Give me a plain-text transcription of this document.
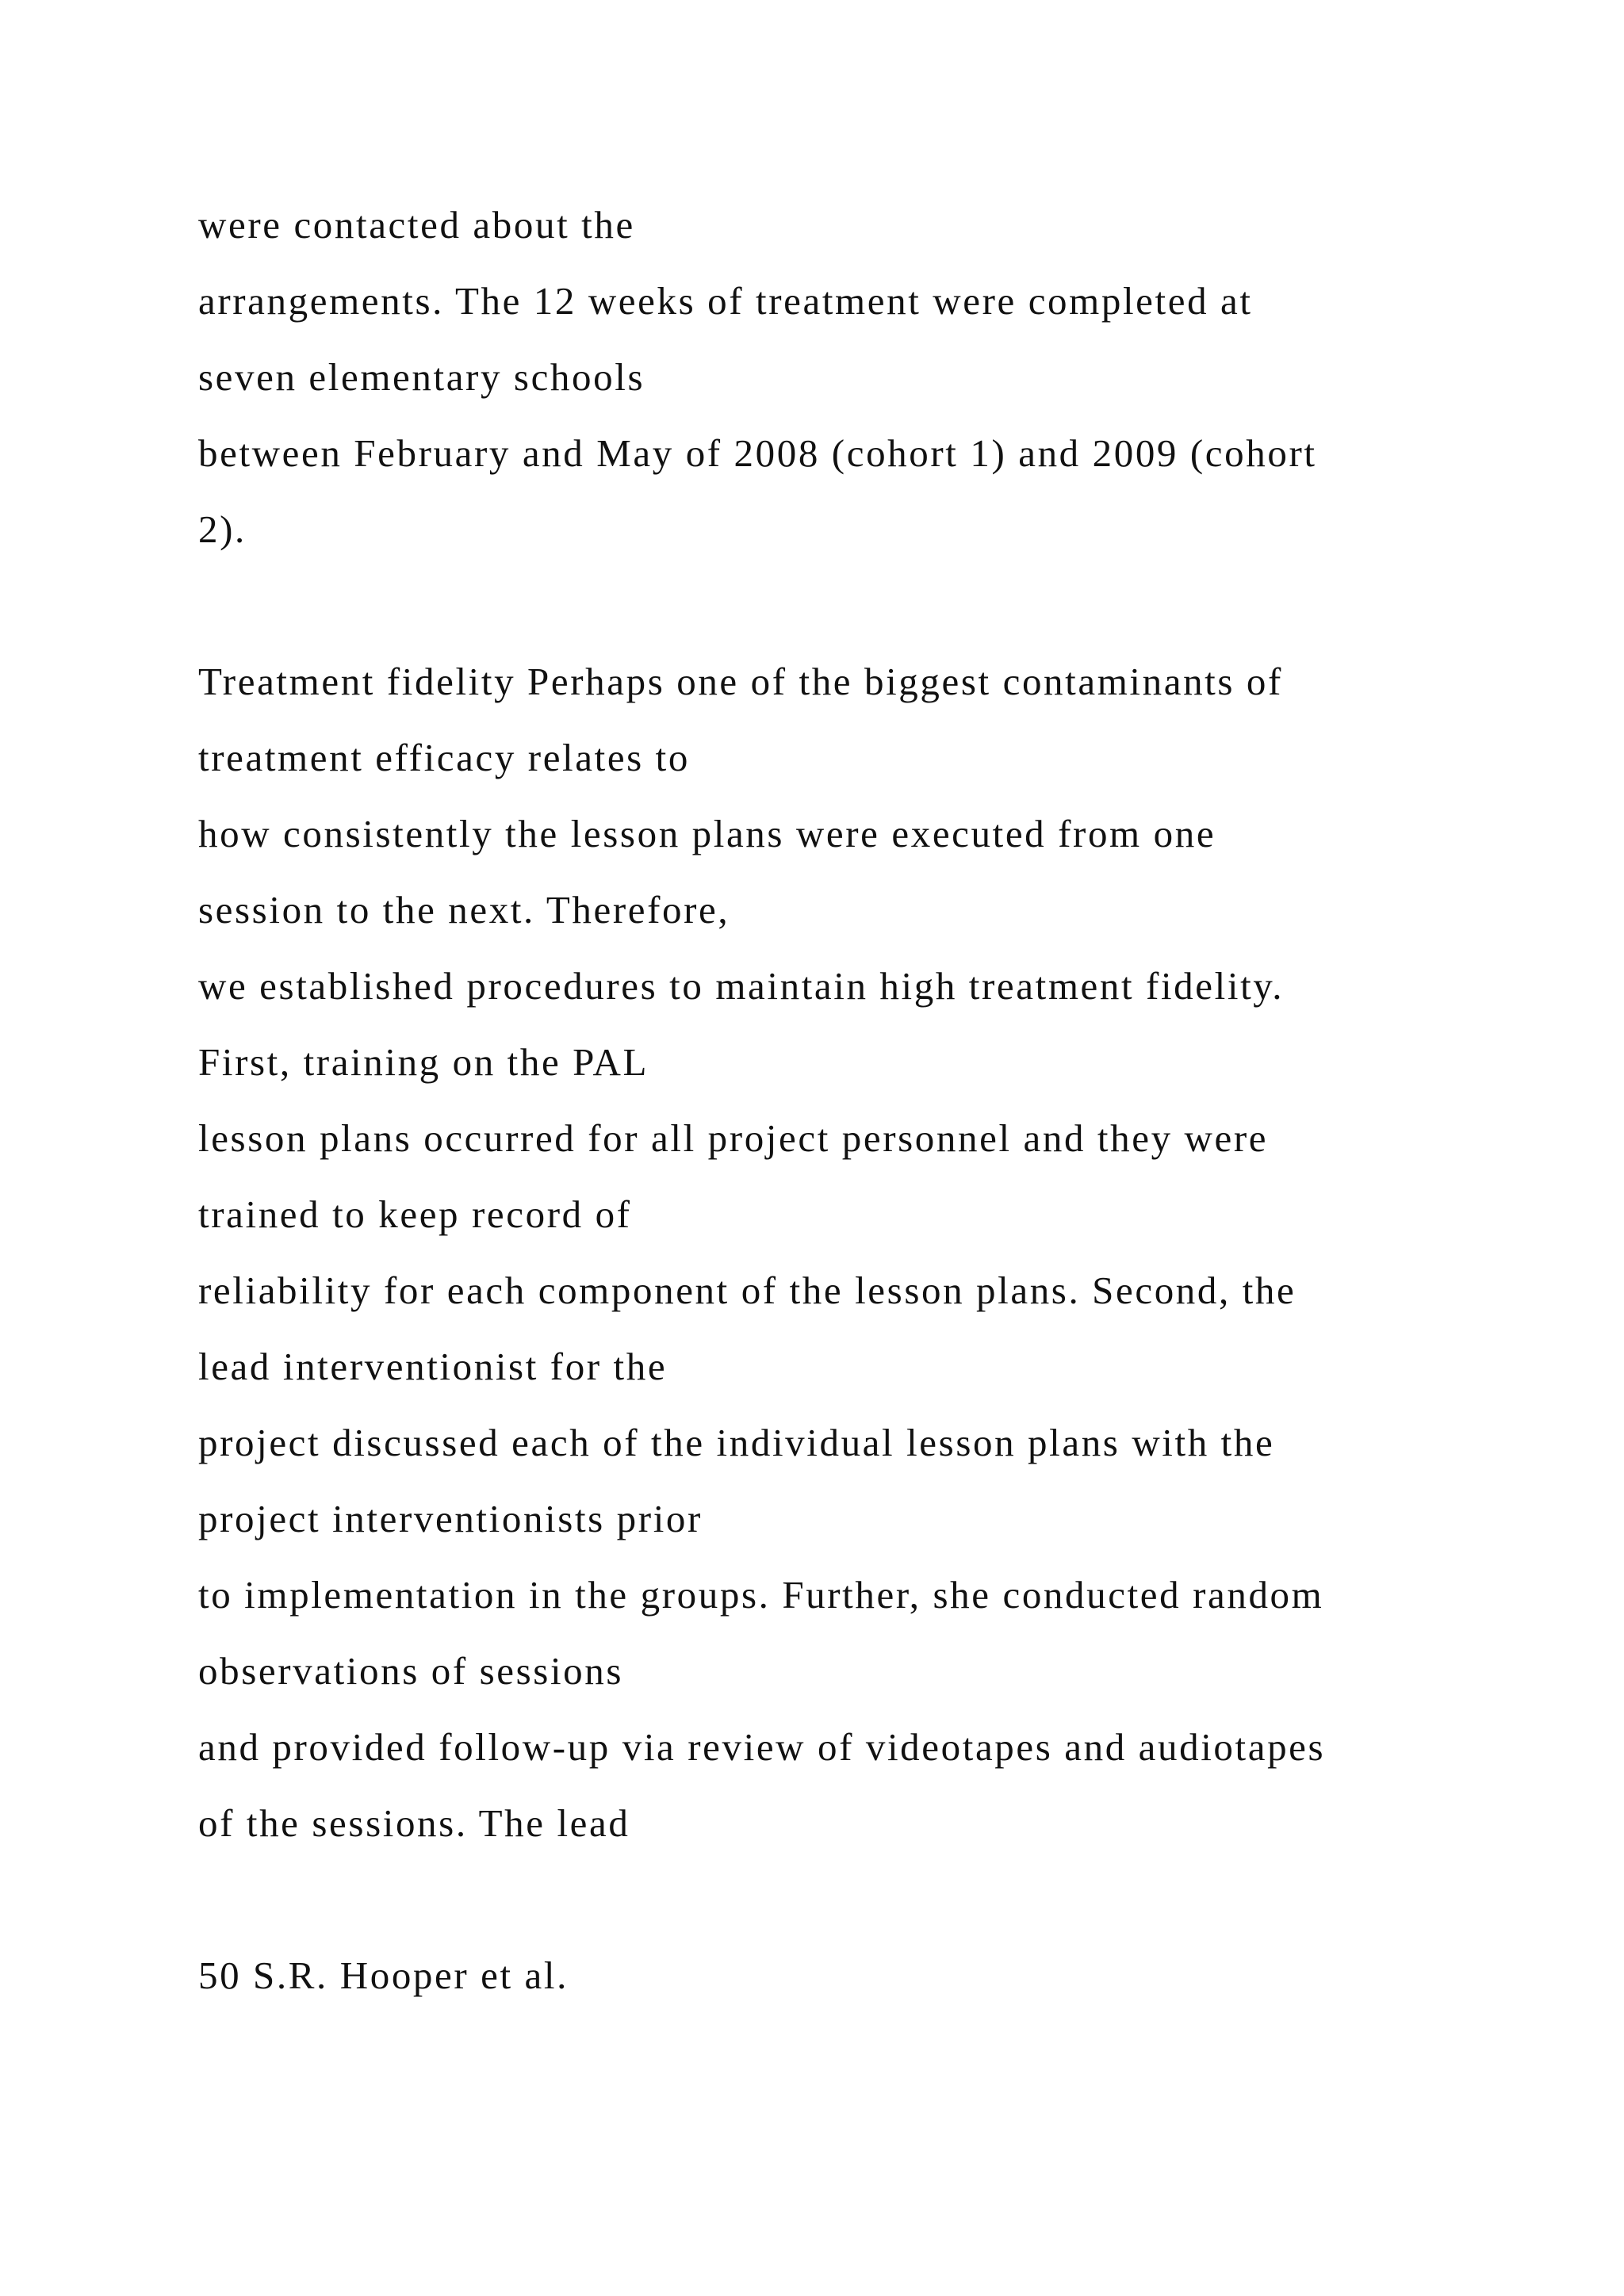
were contacted about the
arrangements. The 12 weeks of treatment were completed at
seven elementary schools
between February and May of 2008 (cohort 1) and 2009 (cohort
2).
Treatment fidelity Perhaps one of the biggest contaminants of
treatment efficacy relates to
how consistently the lesson plans were executed from one
session to the next. Therefore,
we established procedures to maintain high treatment fidelity.
First, training on the PAL
lesson plans occurred for all project personnel and they were
trained to keep record of
reliability for each component of the lesson plans. Second, the
lead interventionist for the
project discussed each of the individual lesson plans with the
project interventionists prior
to implementation in the groups. Further, she conducted random
observations of sessions
and provided follow-up via review of videotapes and audiotapes
of the sessions. The lead
50 S.R. Hooper et al.
